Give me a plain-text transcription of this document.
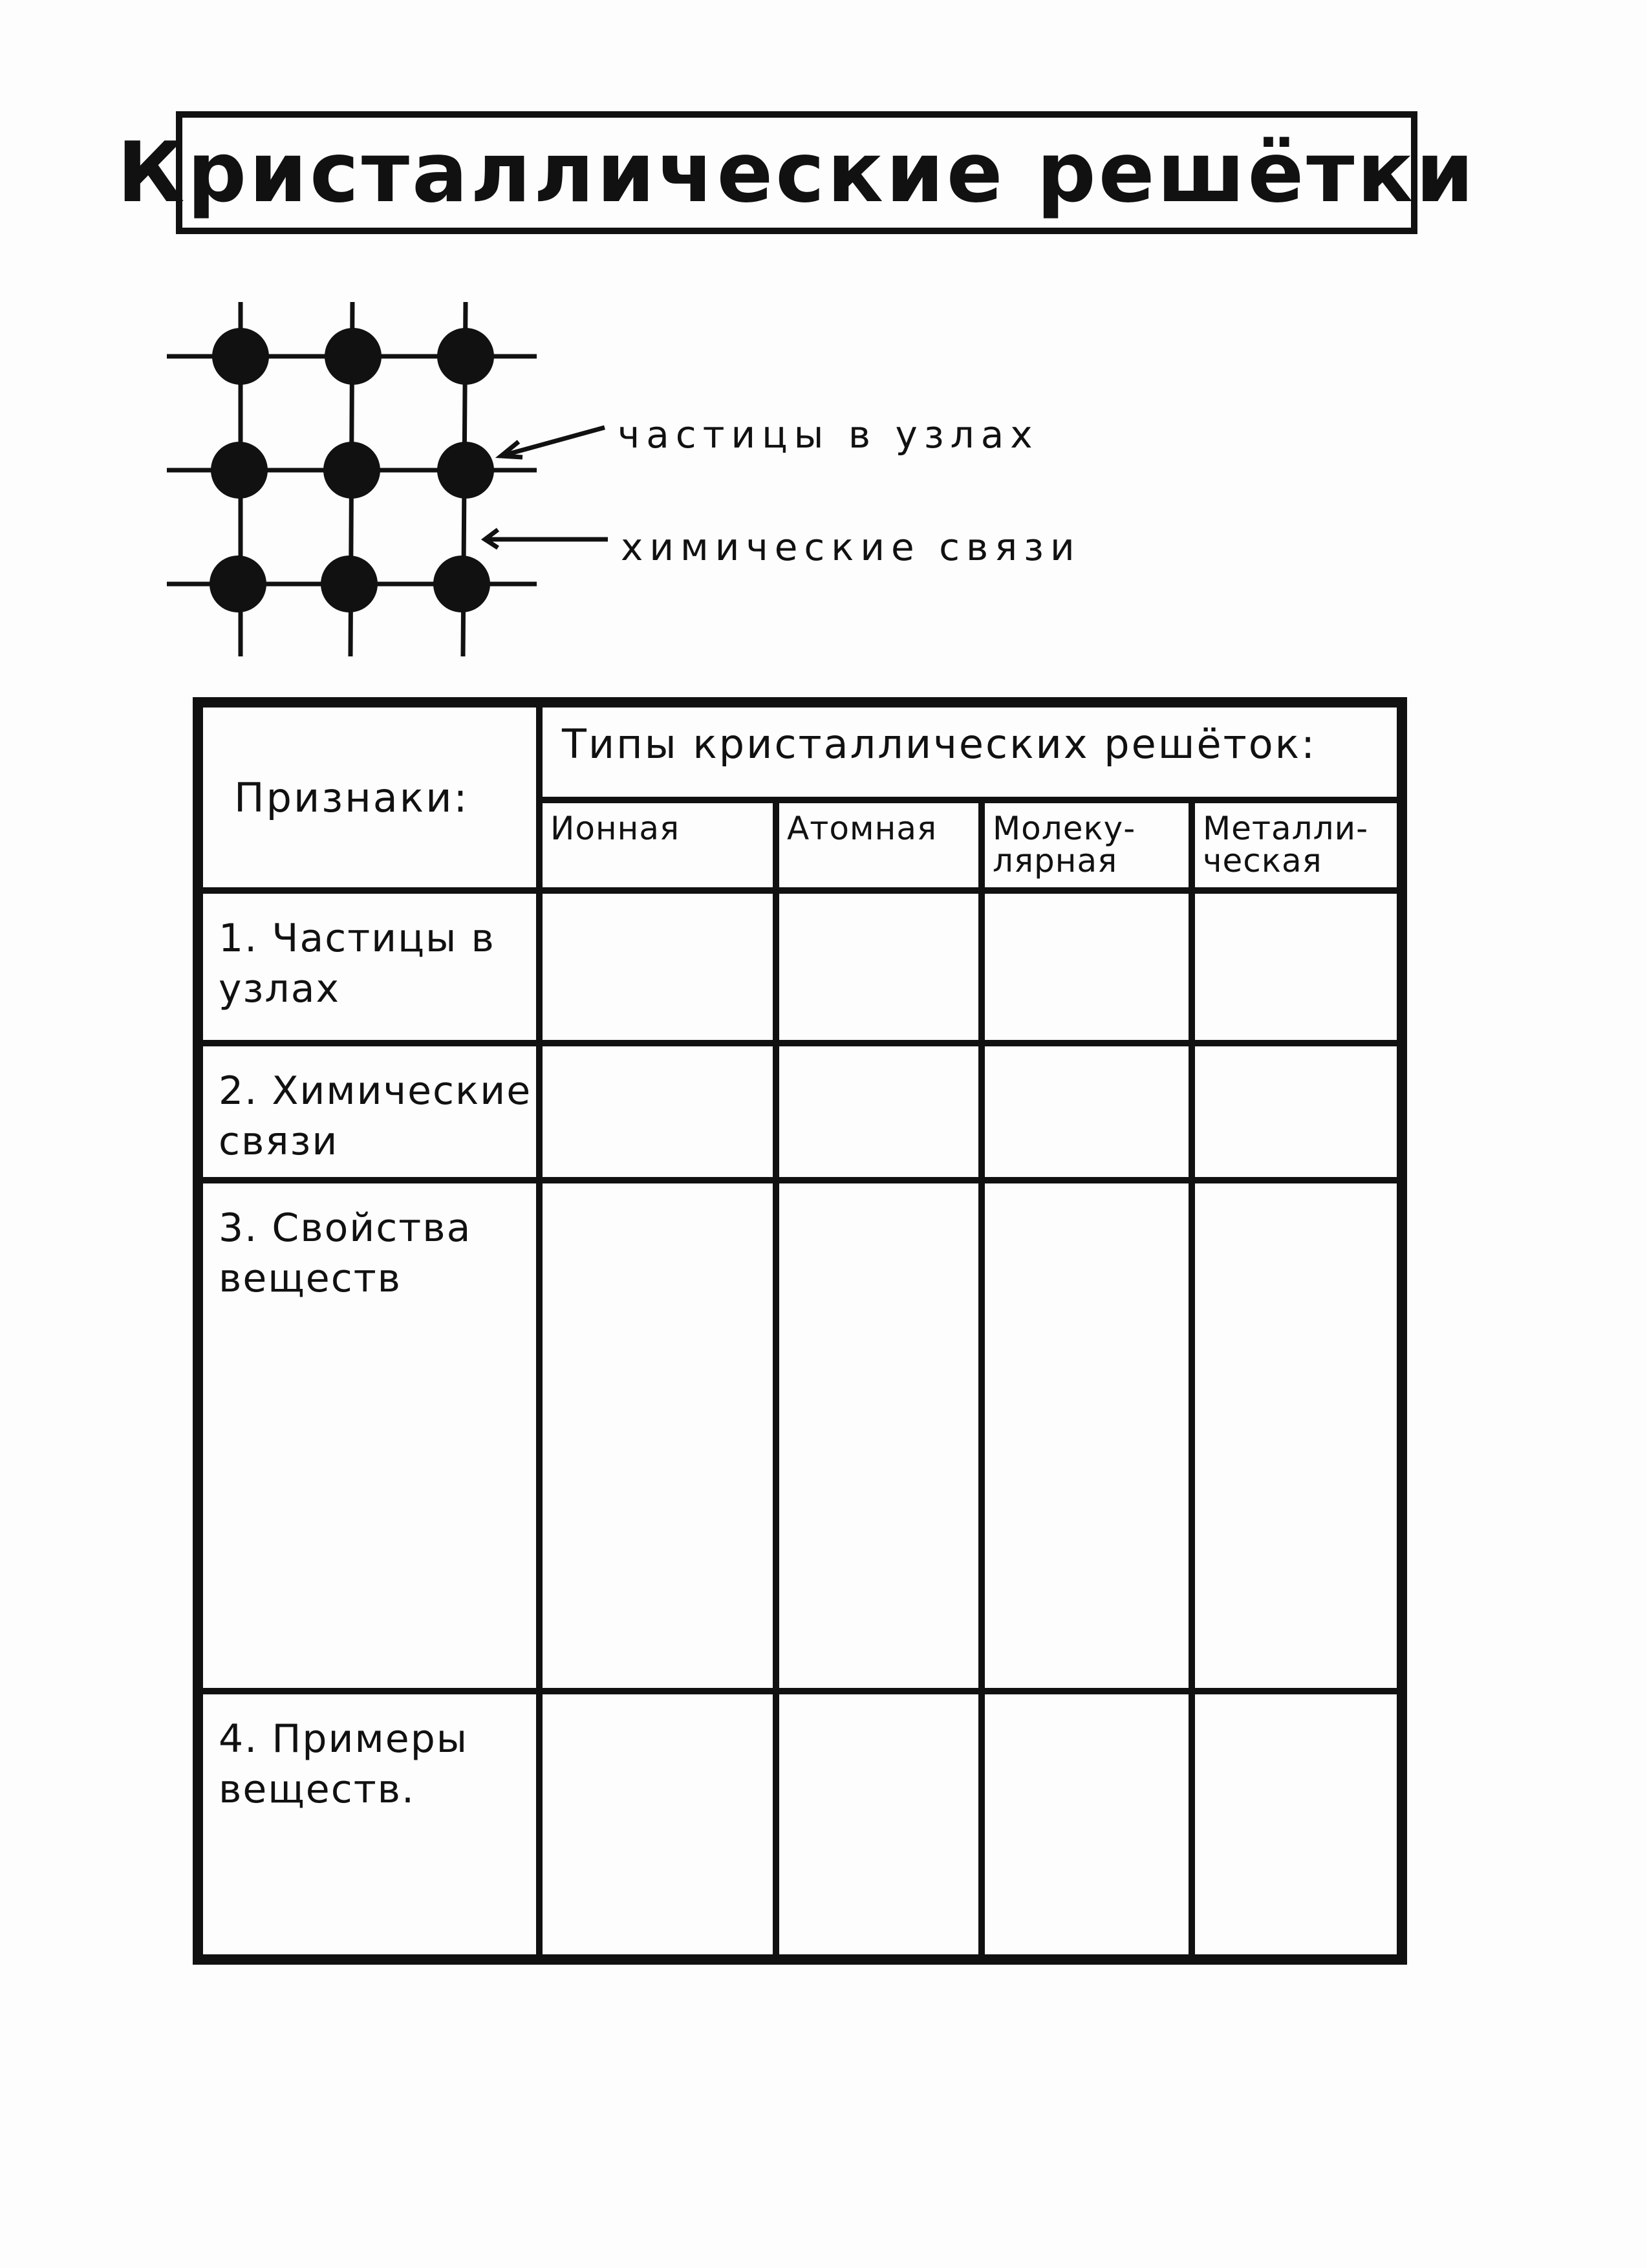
Кристаллические решётки
частицы в узлах
химические связи
Признаки:	Типы кристаллических решёток:			
	Ионная	Атомная	Молеку-лярная	Металли-ческая
1. Частицы в узлах				
2. Химические связи				
3. Свойства веществ				
4. Примеры веществ.				
